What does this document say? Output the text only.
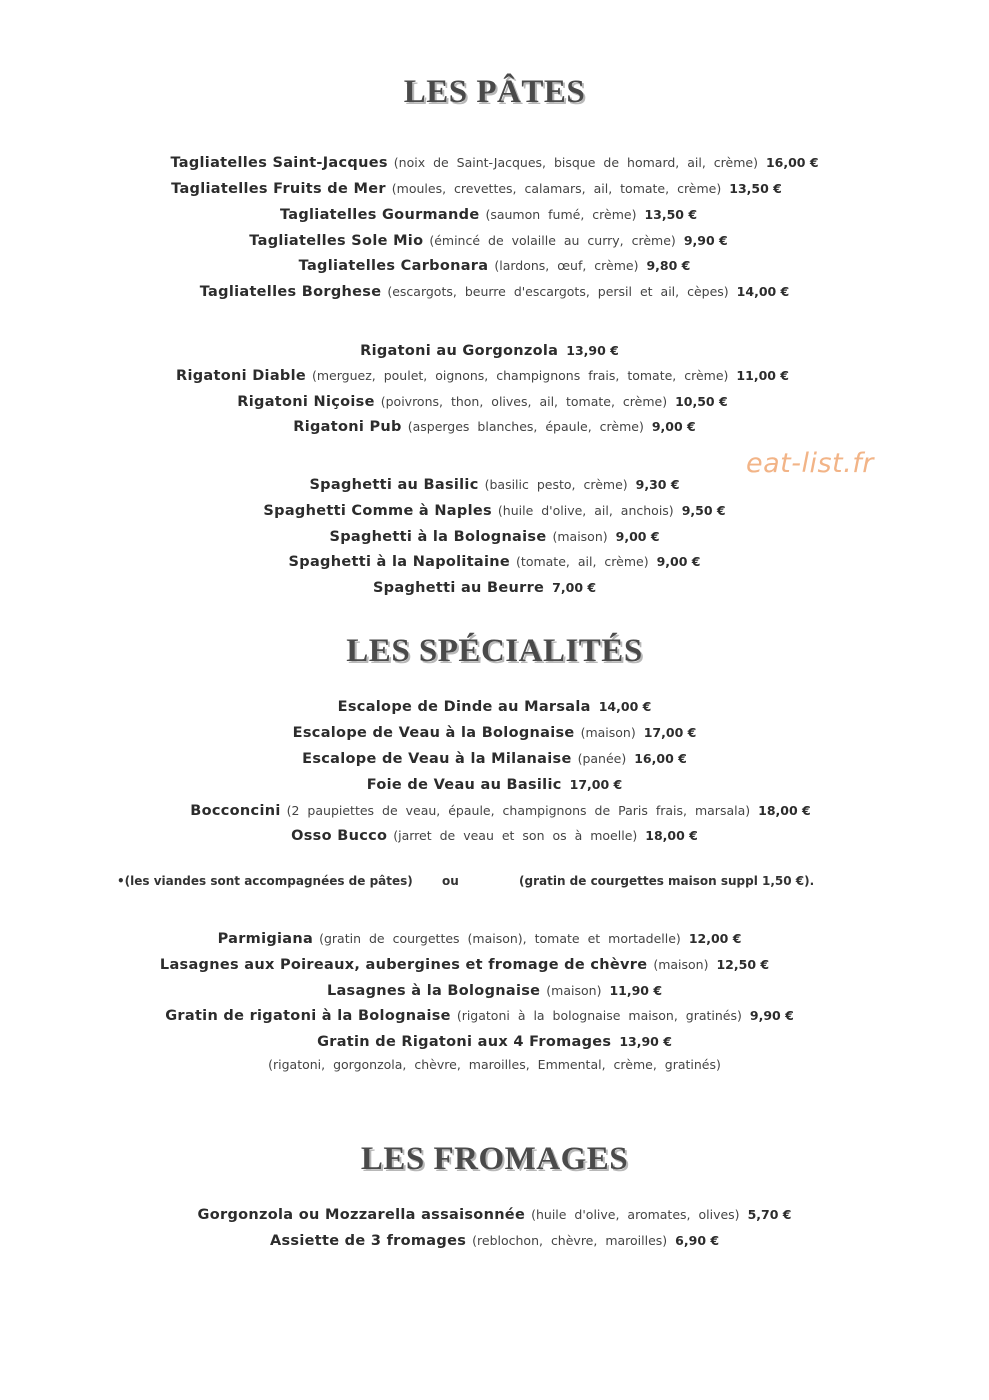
eat-list.fr
LES PÂTES
LES SPÉCIALITÉS
LES FROMAGES
Tagliatelles Saint-Jacques (noix de Saint-Jacques, bisque de homard, ail, crème) 16,00 €
Tagliatelles Fruits de Mer (moules, crevettes, calamars, ail, tomate, crème) 13,50 €
Tagliatelles Gourmande (saumon fumé, crème) 13,50 €
Tagliatelles Sole Mio (émincé de volaille au curry, crème) 9,90 €
Tagliatelles Carbonara (lardons, œuf, crème) 9,80 €
Tagliatelles Borghese (escargots, beurre d'escargots, persil et ail, cèpes) 14,00 €
Rigatoni au Gorgonzola 13,90 €
Rigatoni Diable (merguez, poulet, oignons, champignons frais, tomate, crème) 11,00 €
Rigatoni Niçoise (poivrons, thon, olives, ail, tomate, crème) 10,50 €
Rigatoni Pub (asperges blanches, épaule, crème) 9,00 €
Spaghetti au Basilic (basilic pesto, crème) 9,30 €
Spaghetti Comme à Naples (huile d'olive, ail, anchois) 9,50 €
Spaghetti à la Bolognaise (maison) 9,00 €
Spaghetti à la Napolitaine (tomate, ail, crème) 9,00 €
Spaghetti au Beurre 7,00 €
Escalope de Dinde au Marsala 14,00 €
Escalope de Veau à la Bolognaise (maison) 17,00 €
Escalope de Veau à la Milanaise (panée) 16,00 €
Foie de Veau au Basilic 17,00 €
Bocconcini (2 paupiettes de veau, épaule, champignons de Paris frais, marsala) 18,00 €
Osso Bucco (jarret de veau et son os à moelle) 18,00 €
Parmigiana (gratin de courgettes (maison), tomate et mortadelle) 12,00 €
Lasagnes aux Poireaux, aubergines et fromage de chèvre (maison) 12,50 €
Lasagnes à la Bolognaise (maison) 11,90 €
Gratin de rigatoni à la Bolognaise (rigatoni à la bolognaise maison, gratinés) 9,90 €
Gratin de Rigatoni aux 4 Fromages 13,90 €
Gorgonzola ou Mozzarella assaisonnée (huile d'olive, aromates, olives) 5,70 €
Assiette de 3 fromages (reblochon, chèvre, maroilles) 6,90 €
(rigatoni, gorgonzola, chèvre, maroilles, Emmental, crème, gratinés)
•(les viandes sont accompagnées de pâtes) ou	(gratin de courgettes maison suppl 1,50 €).
